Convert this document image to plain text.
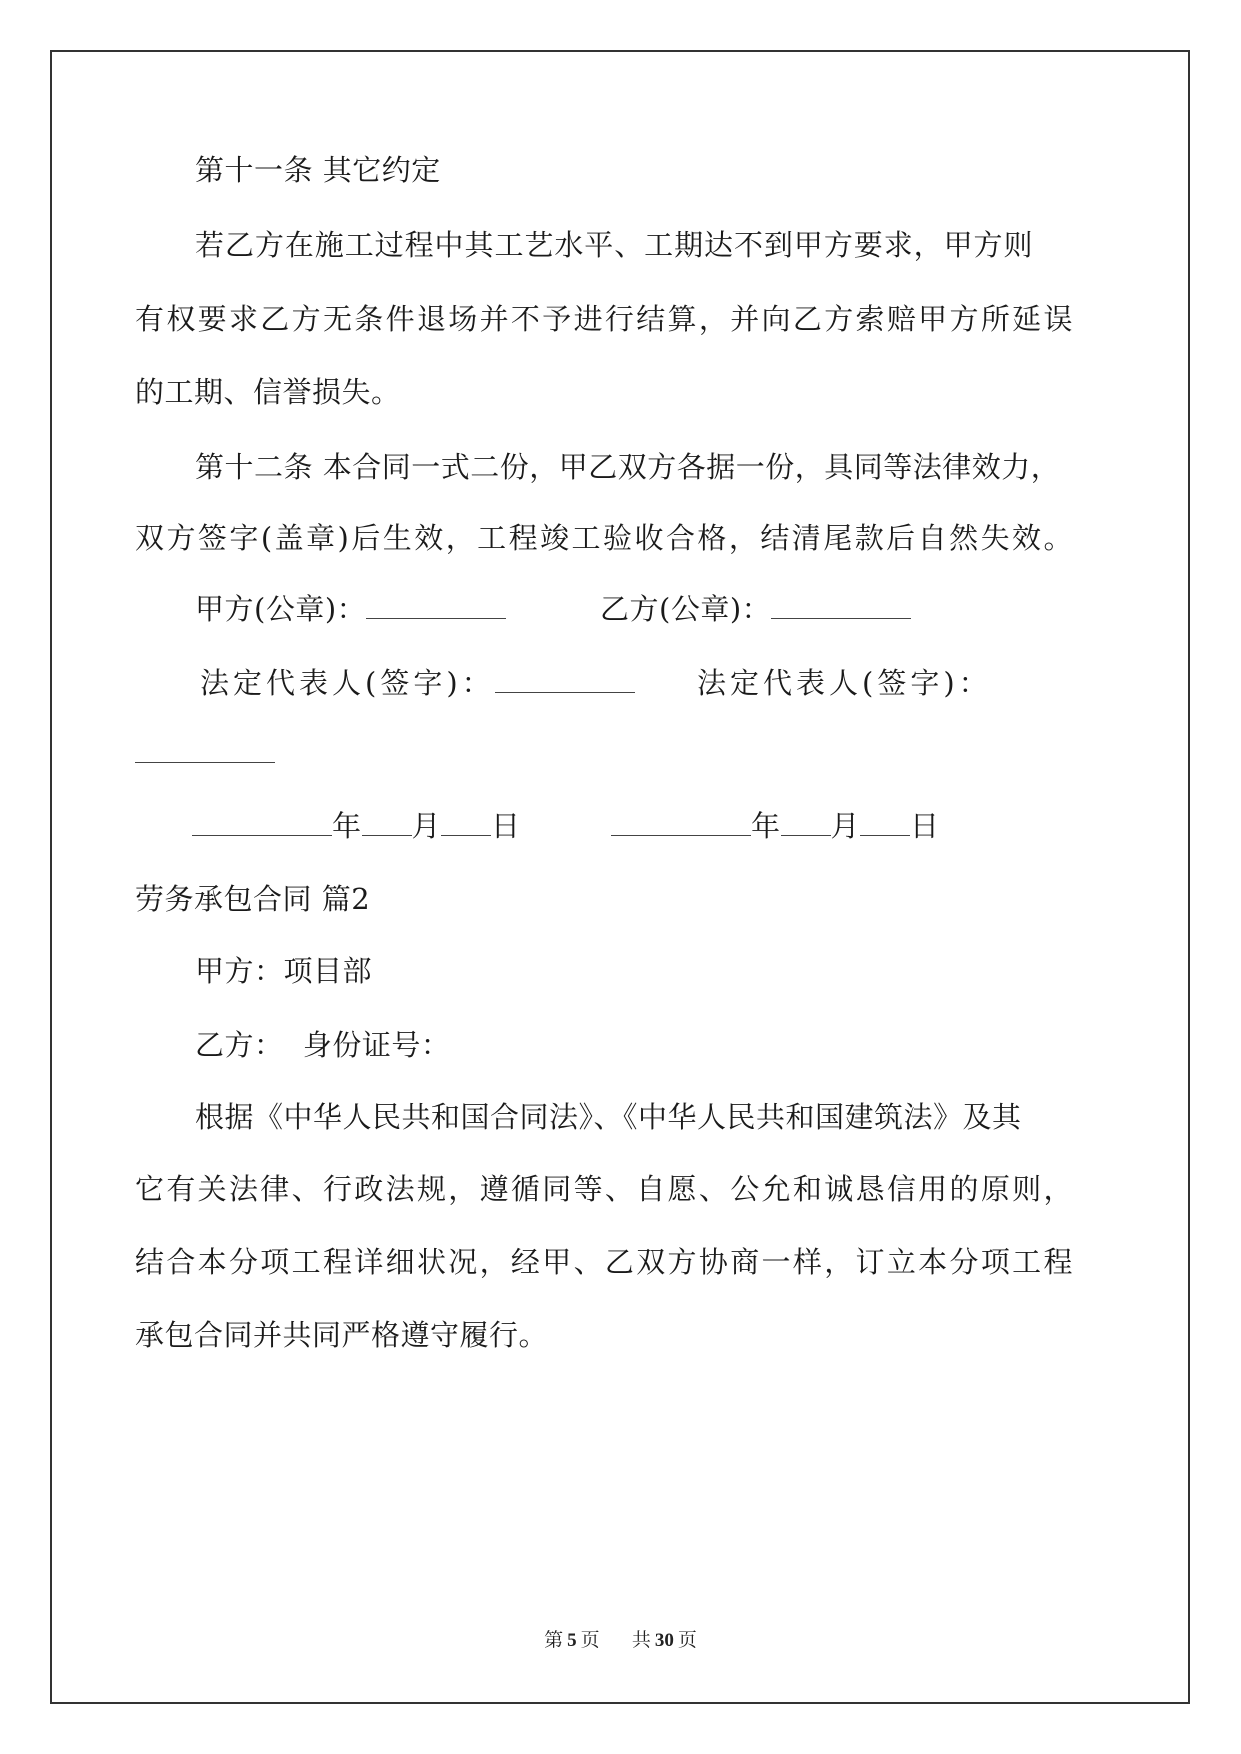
第十一条 其它约定
若乙方在施工过程中其工艺水平、工期达不到甲方要求，甲方则
有权要求乙方无条件退场并不予进行结算，并向乙方索赔甲方所延误
的工期、信誉损失。
第十二条 本合同一式二份，甲乙双方各据一份，具同等法律效力，
双方签字(盖章)后生效，工程竣工验收合格，结清尾款后自然失效。
甲方(公章)：	乙方(公章)：
法定代表人(签字)：	法定代表人(签字)：
年 月 日	年 月 日
劳务承包合同 篇2
甲方：项目部
乙方：  身份证号：
根据《中华人民共和国合同法》、《中华人民共和国建筑法》及其
它有关法律、行政法规，遵循同等、自愿、公允和诚恳信用的原则，
结合本分项工程详细状况，经甲、乙双方协商一样，订立本分项工程
承包合同并共同严格遵守履行。
第 5 页 共 30 页
